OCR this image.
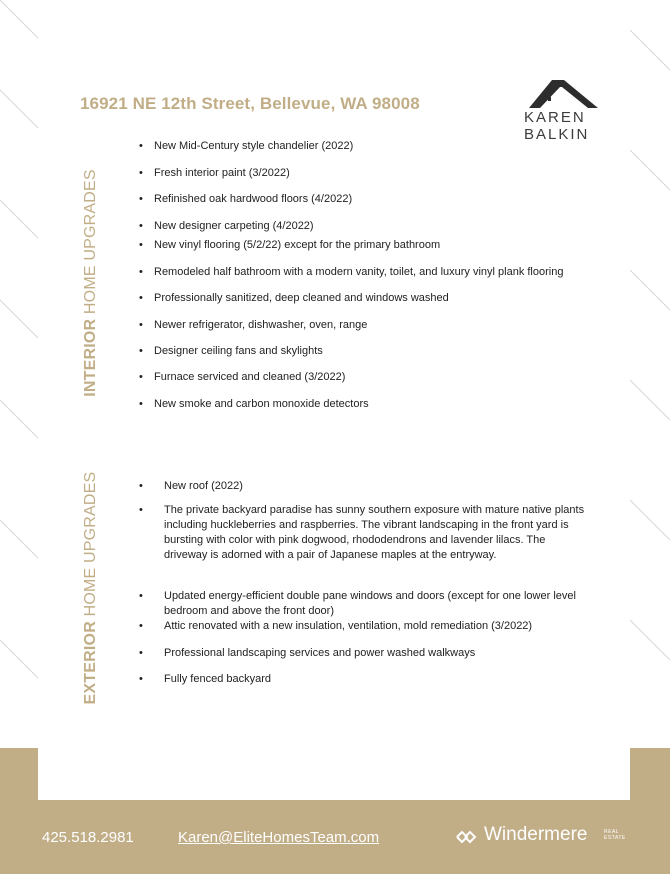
16921 NE 12th Street, Bellevue, WA 98008
KAREN
BALKIN
INTERIOR HOME UPGRADES
• New Mid-Century style chandelier (2022)
• Fresh interior paint (3/2022)
• Refinished oak hardwood floors (4/2022)
• New designer carpeting (4/2022)
• New vinyl flooring (5/2/22) except for the primary bathroom
• Remodeled half bathroom with a modern vanity, toilet, and luxury vinyl plank flooring
• Professionally sanitized, deep cleaned and windows washed
• Newer refrigerator, dishwasher, oven, range
• Designer ceiling fans and skylights
• Furnace serviced and cleaned (3/2022)
• New smoke and carbon monoxide detectors
EXTERIOR HOME UPGRADES	• New roof (2022)
• The private backyard paradise has sunny southern exposure with mature native plants including huckleberries and raspberries. The vibrant landscaping in the front yard is bursting with color with pink dogwood, rhododendrons and lavender lilacs. The driveway is adorned with a pair of Japanese maples at the entryway.
• Updated energy-efficient double pane windows and doors (except for one lower level bedroom and above the front door)
• Attic renovated with a new insulation, ventilation, mold remediation (3/2022)
• Professional landscaping services and power washed walkways
• Fully fenced backyard
425.518.2981	Karen@EliteHomesTeam.com	Windermere	REAL
ESTATE
